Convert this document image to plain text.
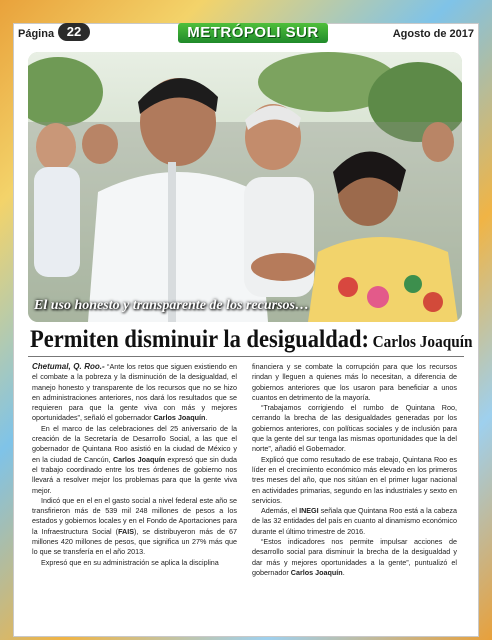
Página 22	METRÓPOLI SUR	Agosto de 2017
El uso honesto y transparente de los recursos…
Permiten disminuir la desigualdad: Carlos Joaquín

Chetumal, Q. Roo.- “Ante los retos que siguen existiendo en el combate a la pobreza y la disminución de la desigualdad, el manejo honesto y transparente de los recursos que no se hizo en administraciones anteriores, nos dará los resultados que se requieren para que la gente viva con más y mejores oportunidades”, señaló el gobernador Carlos Joaquín.

En el marco de las celebraciones del 25 aniversario de la creación de la Secretaría de Desarrollo Social, a las que el gobernador de Quintana Roo asistió en la ciudad de México y en la ciudad de Cancún, Carlos Joaquín expresó que sin duda el trabajo coordinado entre los tres órdenes de gobierno nos llevará a resolver mejor los problemas para que la gente viva mejor.

Indicó que en el en el gasto social a nivel federal este año se transfirieron más de 539 mil 248 millones de pesos a los estados y gobiernos locales y en el Fondo de Aportaciones para la Infraestructura Social (FAIS), se distribuyeron más de 67 millones 420 millones de pesos, que significa un 27% más que lo que se transfería en el año 2013.

Expresó que en su administración se aplica la disciplina

financiera y se combate la corrupción para que los recursos rindan y lleguen a quienes más lo necesitan, a diferencia de gobiernos anteriores que los usaron para beneficiar a unos cuantos en detrimento de la mayoría.

“Trabajamos corrigiendo el rumbo de Quintana Roo, cerrando la brecha de las desigualdades generadas por los gobiernos anteriores, con políticas sociales y de inclusión para que la gente del sur tenga las mismas oportunidades que la del norte”, añadió el Gobernador.

Explicó que como resultado de ese trabajo, Quintana Roo es líder en el crecimiento económico más elevado en los primeros tres meses del año, que nos sitúan en el primer lugar nacional en actividades primarias, segundo en las industriales y sexto en servicios.

Además, el INEGI señala que Quintana Roo está a la cabeza de las 32 entidades del país en cuanto al dinamismo económico durante el último trimestre de 2016.

“Estos indicadores nos permite impulsar acciones de desarrollo social para disminuir la brecha de la desigualdad y dar más y mejores oportunidades a la gente”, puntualizó el gobernador Carlos Joaquín.
